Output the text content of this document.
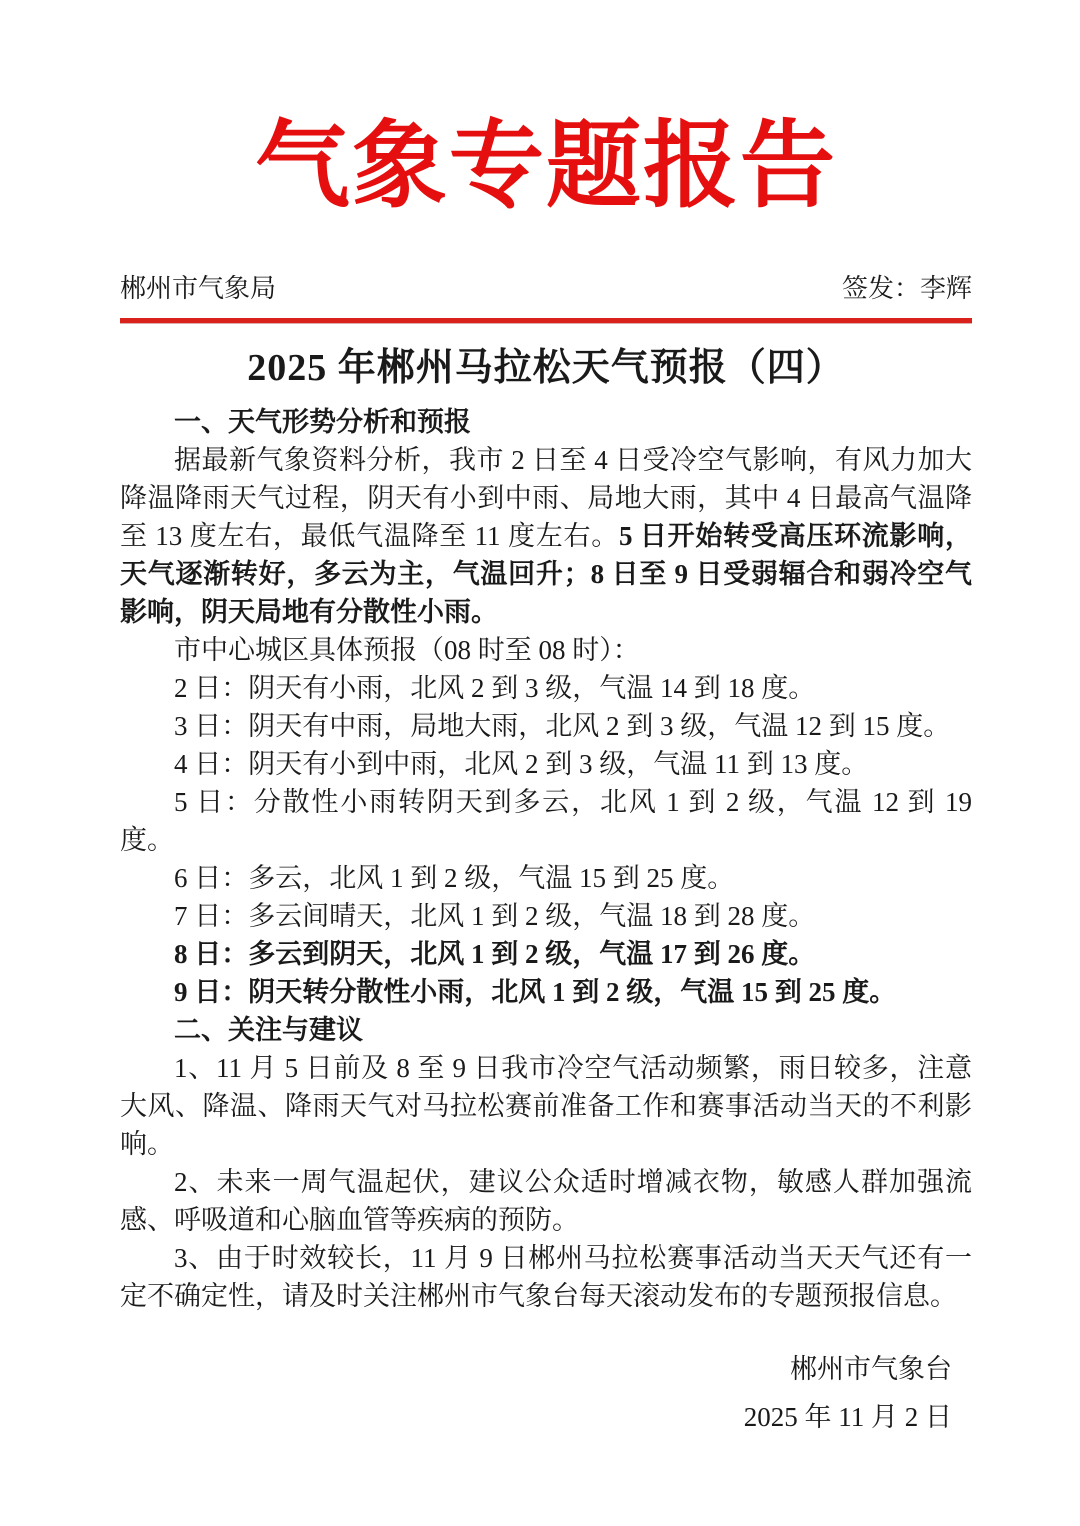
气象专题报告
郴州市气象局	签发：李辉
2025 年郴州马拉松天气预报（四）

一、天气形势分析和预报

据最新气象资料分析，我市 2 日至 4 日受冷空气影响，有风力加大降温降雨天气过程，阴天有小到中雨、局地大雨，其中 4 日最高气温降至 13 度左右，最低气温降至 11 度左右。5 日开始转受高压环流影响，天气逐渐转好，多云为主，气温回升；8 日至 9 日受弱辐合和弱冷空气影响，阴天局地有分散性小雨。

市中心城区具体预报（08 时至 08 时）：

2 日：阴天有小雨，北风 2 到 3 级，气温 14 到 18 度。

3 日：阴天有中雨，局地大雨，北风 2 到 3 级，气温 12 到 15 度。

4 日：阴天有小到中雨，北风 2 到 3 级，气温 11 到 13 度。

5 日：分散性小雨转阴天到多云，北风 1 到 2 级，气温 12 到 19 度。

6 日：多云，北风 1 到 2 级，气温 15 到 25 度。

7 日：多云间晴天，北风 1 到 2 级，气温 18 到 28 度。

8 日：多云到阴天，北风 1 到 2 级，气温 17 到 26 度。

9 日：阴天转分散性小雨，北风 1 到 2 级，气温 15 到 25 度。

二、关注与建议

1、11 月 5 日前及 8 至 9 日我市冷空气活动频繁，雨日较多，注意大风、降温、降雨天气对马拉松赛前准备工作和赛事活动当天的不利影响。

2、未来一周气温起伏，建议公众适时增减衣物，敏感人群加强流感、呼吸道和心脑血管等疾病的预防。

3、由于时效较长，11 月 9 日郴州马拉松赛事活动当天天气还有一定不确定性，请及时关注郴州市气象台每天滚动发布的专题预报信息。

郴州市气象台
2025 年 11 月 2 日
